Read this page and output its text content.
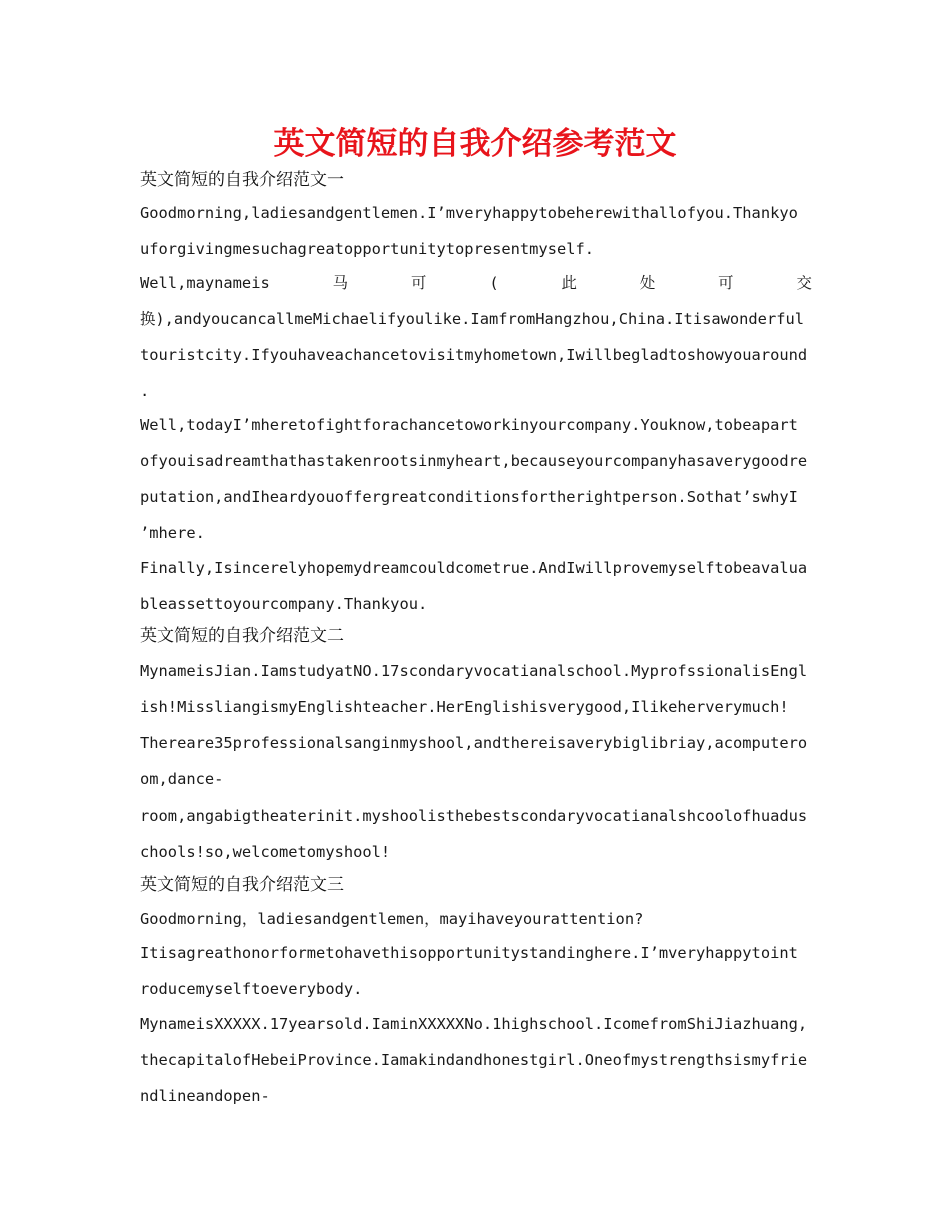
英文简短的自我介绍参考范文
英文简短的自我介绍范文一
Goodmorning,ladiesandgentlemen.I’mveryhappytobeherewithallofyou.Thankyo
uforgivingmesuchagreatopportunitytopresentmyself.
Well,maynameis	马	可	(	此	处	可	交
换),andyoucancallmeMichaelifyoulike.IamfromHangzhou,China.Itisawonderful
touristcity.Ifyouhaveachancetovisitmyhometown,Iwillbegladtoshowyouaround
.
Well,todayI’mheretofightforachancetoworkinyourcompany.Youknow,tobeapart
ofyouisadreamthathastakenrootsinmyheart,becauseyourcompanyhasaverygoodre
putation,andIheardyouoffergreatconditionsfortherightperson.Sothat’swhyI
’mhere.
Finally,Isincerelyhopemydreamcouldcometrue.AndIwillprovemyselftobeavalua
bleassettoyourcompany.Thankyou.
英文简短的自我介绍范文二
MynameisJian.IamstudyatNO.17scondaryvocatianalschool.MyprofssionalisEngl
ish!MissliangismyEnglishteacher.HerEnglishisverygood,Ilikeherverymuch!
Thereare35professionalsanginmyshool,andthereisaverybiglibriay,acomputero
om,dance-
room,angabigtheaterinit.myshoolisthebestscondaryvocatianalshcoolofhuadus
chools!so,welcometomyshool!
英文简短的自我介绍范文三
Goodmorning，ladiesandgentlemen，mayihaveyourattention?
Itisagreathonorformetohavethisopportunitystandinghere.I’mveryhappytoint
roducemyselftoeverybody.
MynameisXXXXX.17yearsold.IaminXXXXXNo.1highschool.IcomefromShiJiazhuang,
thecapitalofHebeiProvince.Iamakindandhonestgirl.Oneofmystrengthsismyfrie
ndlineandopen-
